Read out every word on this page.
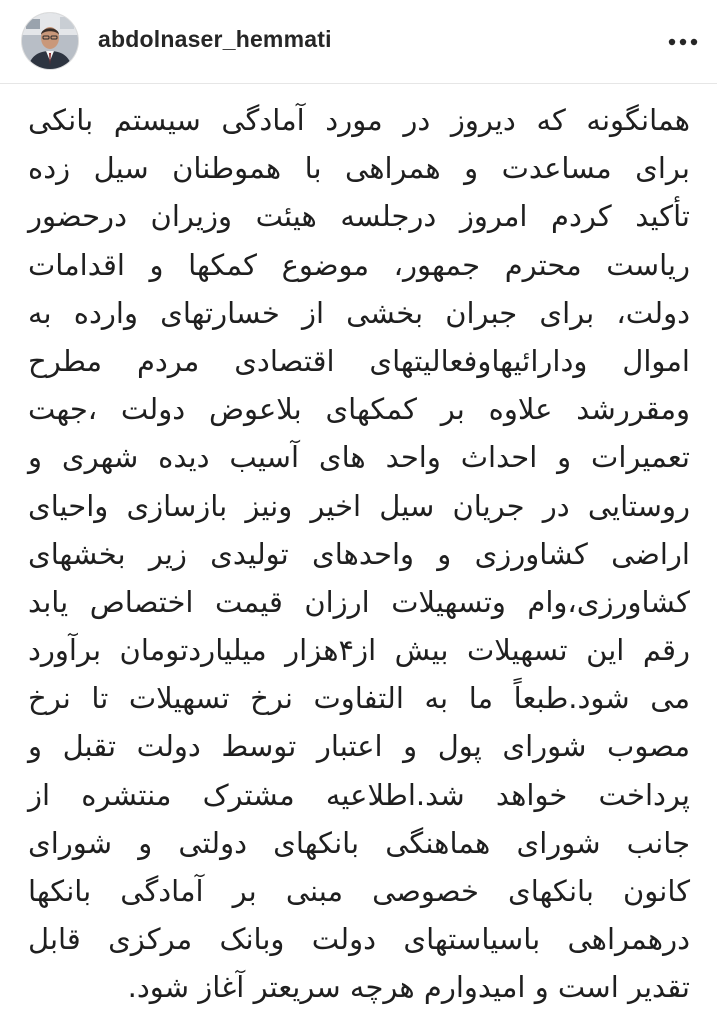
abdolnaser_hemmati
همانگونه که دیروز در مورد آمادگی سیستم بانکی
برای مساعدت و همراهی با هموطنان سیل زده
تأکید کردم امروز درجلسه هیئت وزیران درحضور
ریاست محترم جمهور، موضوع کمکها و اقدامات
دولت، برای جبران بخشی از خسارتهای وارده به
اموال ودارائیهاوفعالیتهای اقتصادی مردم مطرح
ومقررشد علاوه بر کمکهای بلاعوض دولت ،جهت
تعمیرات و احداث واحد های آسیب دیده شهری و
روستایی در جریان سیل اخیر ونیز بازسازی واحیای
اراضی کشاورزی و واحدهای تولیدی زیر بخشهای
کشاورزی،وام وتسهیلات ارزان قیمت اختصاص یابد
رقم این تسهیلات بیش از۴هزار میلیاردتومان برآورد
می شود.طبعاً ما به التفاوت نرخ تسهیلات تا نرخ
مصوب شورای پول و اعتبار توسط دولت تقبل و
پرداخت خواهد شد.اطلاعیه مشترک منتشره از
جانب شورای هماهنگی بانکهای دولتی و شورای
کانون بانکهای خصوصی مبنی بر آمادگی بانکها
درهمراهی باسیاستهای دولت وبانک مرکزی قابل
تقدیر است و امیدوارم هرچه سریعتر آغاز شود.
